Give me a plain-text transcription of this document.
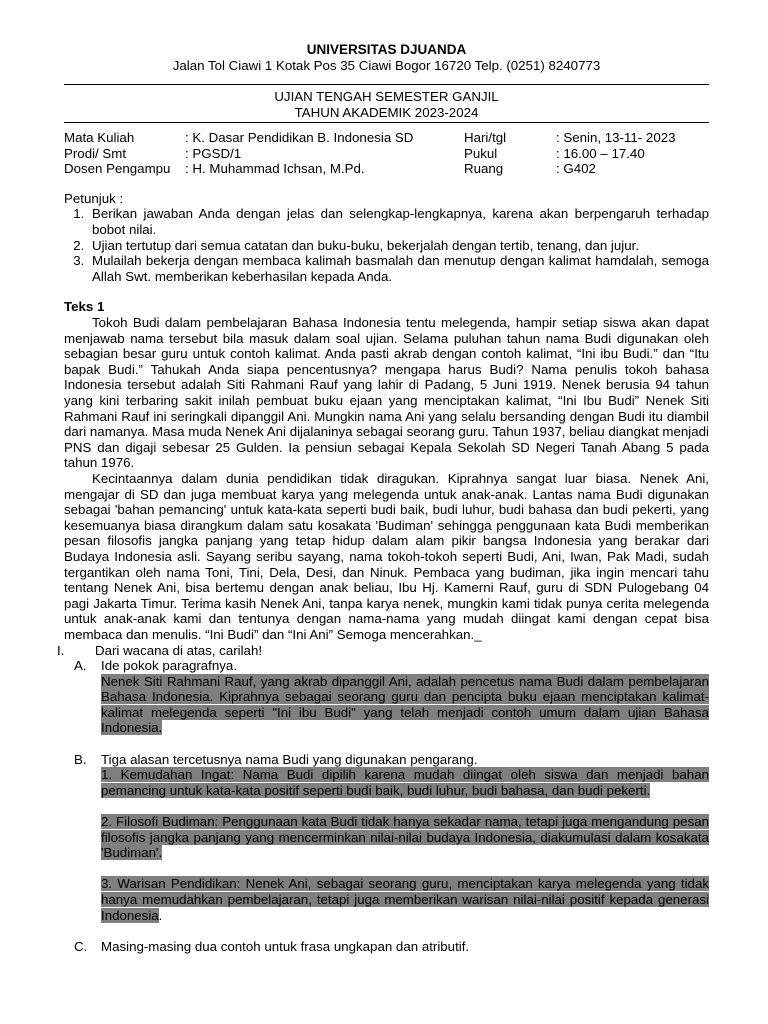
UNIVERSITAS DJUANDA
Jalan Tol Ciawi 1 Kotak Pos 35 Ciawi Bogor 16720 Telp. (0251) 8240773
UJIAN TENGAH SEMESTER GANJIL
TAHUN AKADEMIK 2023-2024
Mata Kuliah	: K. Dasar Pendidikan B. Indonesia SD	Hari/tgl	: Senin, 13-11- 2023
Prodi/ Smt	: PGSD/1	Pukul	: 16.00 – 17.40
Dosen Pengampu	: H. Muhammad Ichsan, M.Pd.	Ruang	: G402
Petunjuk :
1. Berikan jawaban Anda dengan jelas dan selengkap-lengkapnya, karena akan berpengaruh terhadap bobot nilai.
2. Ujian tertutup dari semua catatan dan buku-buku, bekerjalah dengan tertib, tenang, dan jujur.
3. Mulailah bekerja dengan membaca kalimah basmalah dan menutup dengan kalimat hamdalah, semoga Allah Swt. memberikan keberhasilan kepada Anda.
Teks 1

Tokoh Budi dalam pembelajaran Bahasa Indonesia tentu melegenda, hampir setiap siswa akan dapat menjawab nama tersebut bila masuk dalam soal ujian. Selama puluhan tahun nama Budi digunakan oleh sebagian besar guru untuk contoh kalimat. Anda pasti akrab dengan contoh kalimat, “Ini ibu Budi.” dan “Itu bapak Budi.” Tahukah Anda siapa pencentusnya? mengapa harus Budi? Nama penulis tokoh bahasa Indonesia tersebut adalah Siti Rahmani Rauf yang lahir di Padang, 5 Juni 1919. Nenek berusia 94 tahun yang kini terbaring sakit inilah pembuat buku ejaan yang menciptakan kalimat, “Ini Ibu Budi” Nenek Siti Rahmani Rauf ini seringkali dipanggil Ani. Mungkin nama Ani yang selalu bersanding dengan Budi itu diambil dari namanya. Masa muda Nenek Ani dijalaninya sebagai seorang guru. Tahun 1937, beliau diangkat menjadi PNS dan digaji sebesar 25 Gulden. Ia pensiun sebagai Kepala Sekolah SD Negeri Tanah Abang 5 pada tahun 1976.

Kecintaannya dalam dunia pendidikan tidak diragukan. Kiprahnya sangat luar biasa. Nenek Ani, mengajar di SD dan juga membuat karya yang melegenda untuk anak-anak. Lantas nama Budi digunakan sebagai 'bahan pemancing' untuk kata-kata seperti budi baik, budi luhur, budi bahasa dan budi pekerti, yang kesemuanya biasa dirangkum dalam satu kosakata 'Budiman' sehingga penggunaan kata Budi memberikan pesan filosofis jangka panjang yang tetap hidup dalam alam pikir bangsa Indonesia yang berakar dari Budaya Indonesia asli. Sayang seribu sayang, nama tokoh-tokoh seperti Budi, Ani, Iwan, Pak Madi, sudah tergantikan oleh nama Toni, Tini, Dela, Desi, dan Ninuk. Pembaca yang budiman, jika ingin mencari tahu tentang Nenek Ani, bisa bertemu dengan anak beliau, Ibu Hj. Kamerni Rauf, guru di SDN Pulogebang 04 pagi Jakarta Timur. Terima kasih Nenek Ani, tanpa karya nenek, mungkin kami tidak punya cerita melegenda untuk anak-anak kami dan tentunya dengan nama-nama yang mudah diingat kami dengan cepat bisa membaca dan menulis. “Ini Budi” dan “Ini Ani” Semoga mencerahkan._

I.	Dari wacana di atas, carilah!
A.	Ide pokok paragrafnya.
Nenek Siti Rahmani Rauf, yang akrab dipanggil Ani, adalah pencetus nama Budi dalam pembelajaran Bahasa Indonesia. Kiprahnya sebagai seorang guru dan pencipta buku ejaan menciptakan kalimat-kalimat melegenda seperti "Ini ibu Budi" yang telah menjadi contoh umum dalam ujian Bahasa Indonesia.
B.	Tiga alasan tercetusnya nama Budi yang digunakan pengarang.
1. Kemudahan Ingat: Nama Budi dipilih karena mudah diingat oleh siswa dan menjadi bahan pemancing untuk kata-kata positif seperti budi baik, budi luhur, budi bahasa, dan budi pekerti.
2. Filosofi Budiman: Penggunaan kata Budi tidak hanya sekadar nama, tetapi juga mengandung pesan filosofis jangka panjang yang mencerminkan nilai-nilai budaya Indonesia, diakumulasi dalam kosakata 'Budiman'.
3. Warisan Pendidikan: Nenek Ani, sebagai seorang guru, menciptakan karya melegenda yang tidak hanya memudahkan pembelajaran, tetapi juga memberikan warisan nilai-nilai positif kepada generasi Indonesia.
C.	Masing-masing dua contoh untuk frasa ungkapan dan atributif.
